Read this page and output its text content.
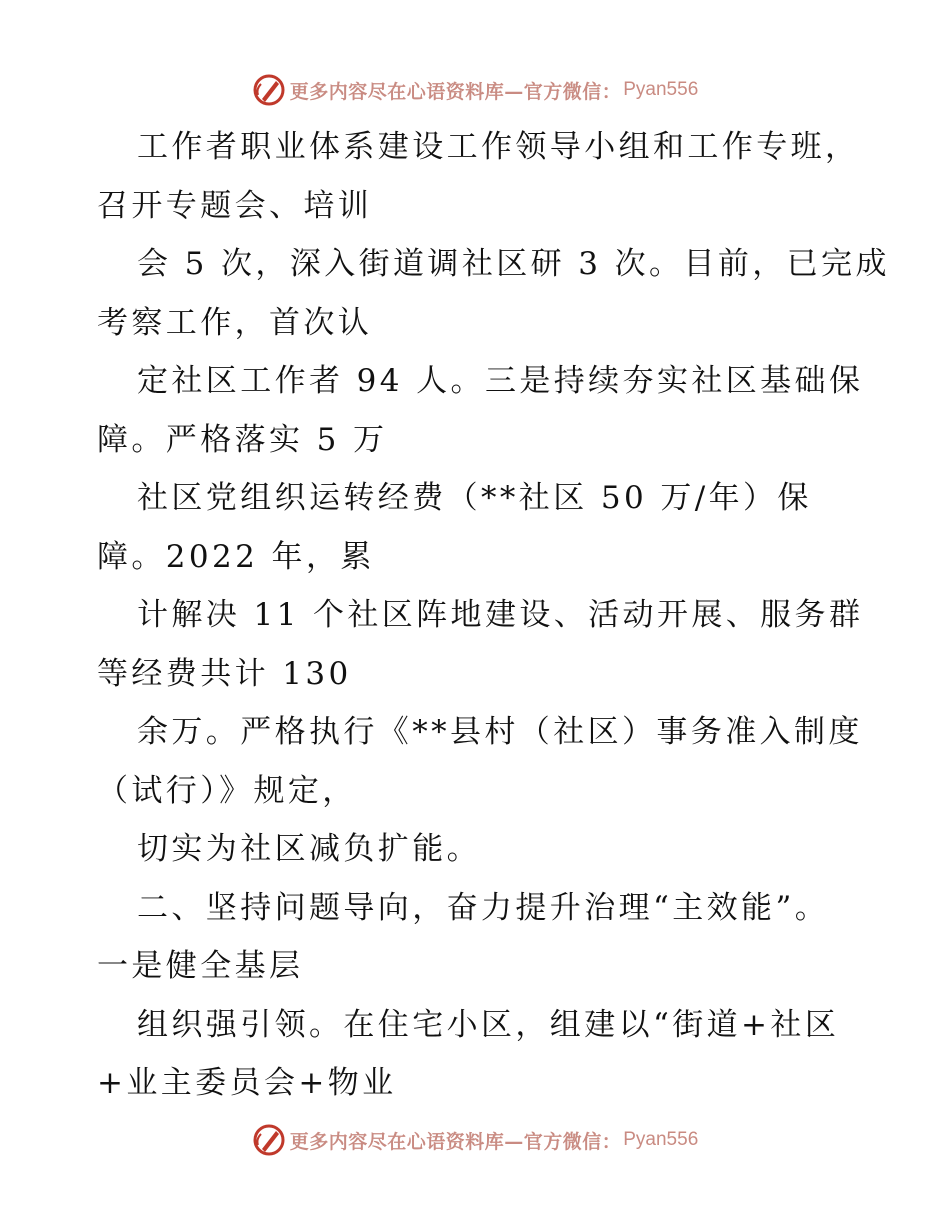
更多内容尽在心语资料库—官方微信： Pyan556
工作者职业体系建设工作领导小组和工作专班，
召开专题会、培训
会 5 次，深入街道调社区研 3 次。目前，已完成
考察工作，首次认
定社区工作者 94 人。三是持续夯实社区基础保
障。严格落实 5 万
社区党组织运转经费（**社区 50 万/年）保
障。2022 年，累
计解决 11 个社区阵地建设、活动开展、服务群
等经费共计 130
余万。严格执行《**县村（社区）事务准入制度
（试行）》规定，
切实为社区减负扩能。
二、坚持问题导向，奋力提升治理“主效能”。
一是健全基层
组织强引领。在住宅小区，组建以“街道+社区
+业主委员会+物业
更多内容尽在心语资料库—官方微信： Pyan556
